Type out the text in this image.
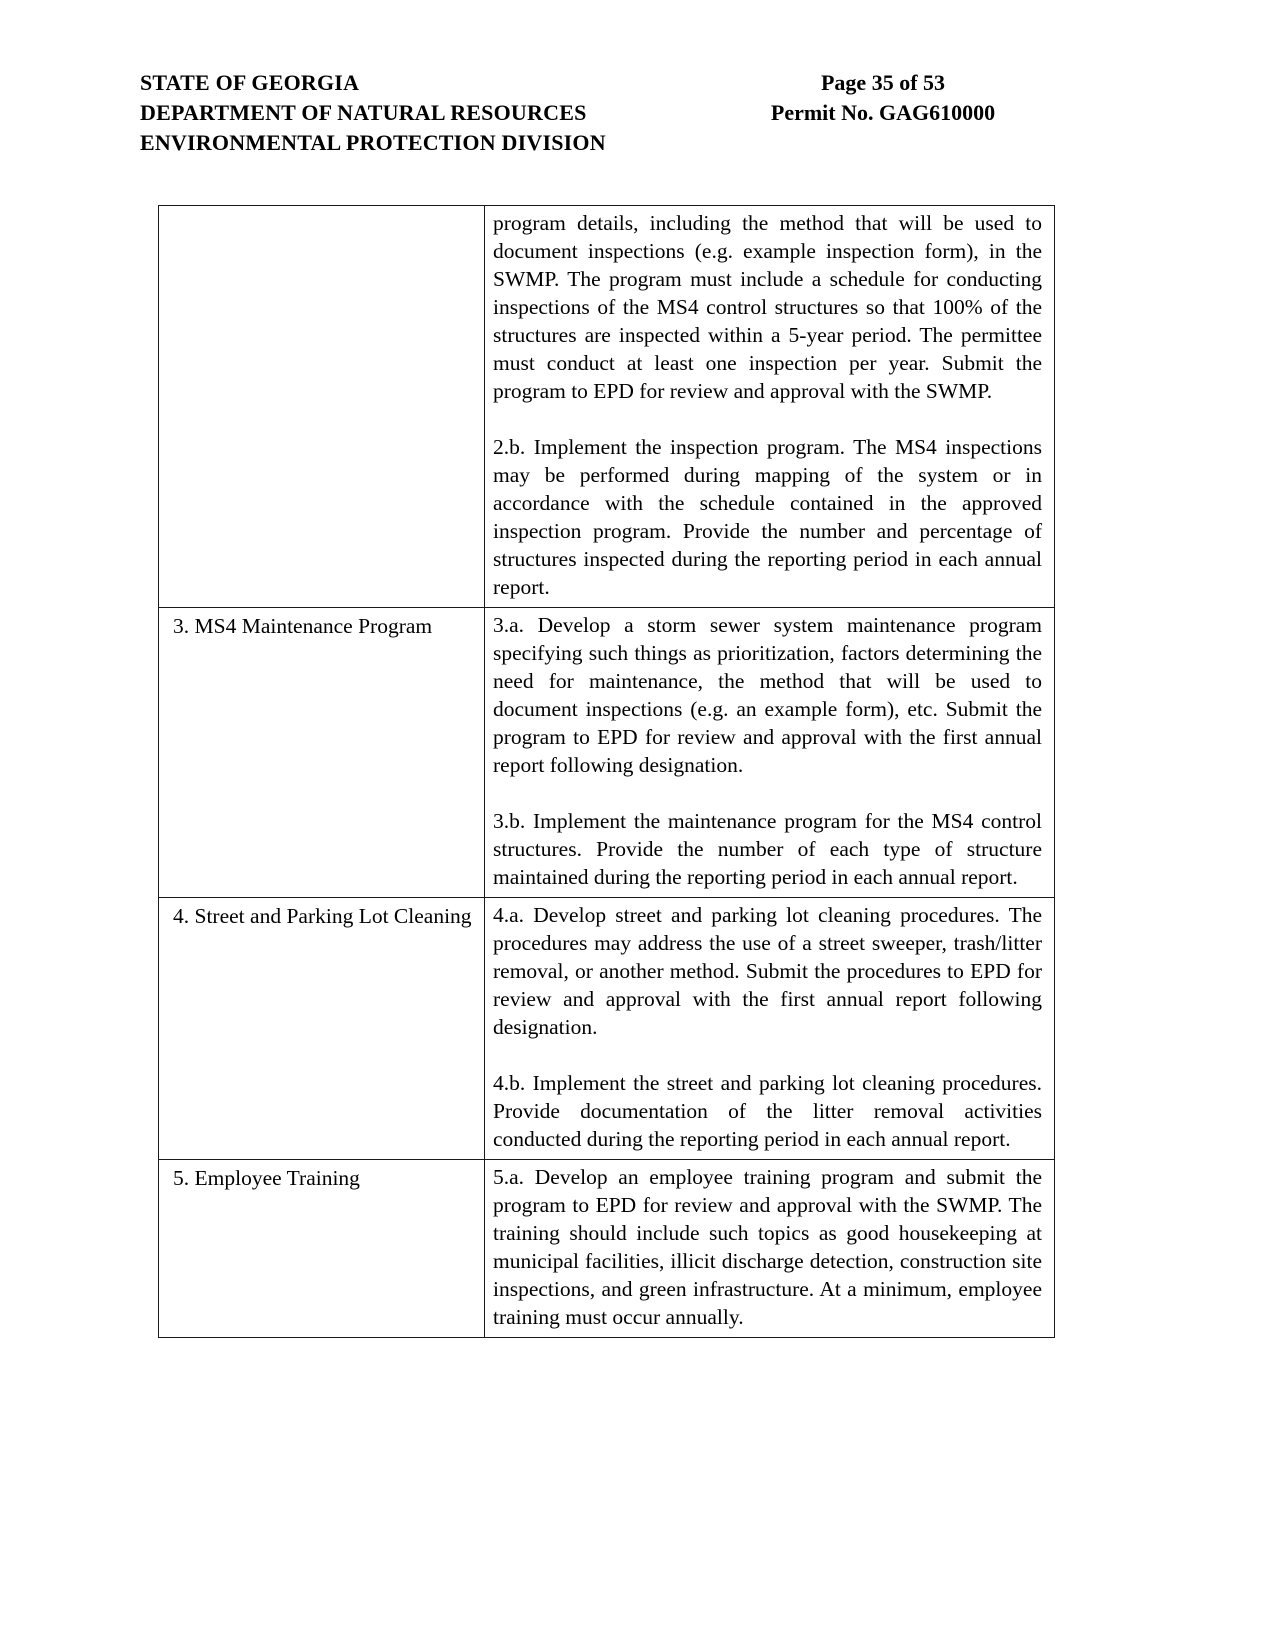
STATE OF GEORGIA
DEPARTMENT OF NATURAL RESOURCES
ENVIRONMENTAL PROTECTION DIVISION
Page 35 of 53
Permit No. GAG610000

	program details, including the method that will be used to document inspections (e.g. example inspection form), in the SWMP. The program must include a schedule for conducting inspections of the MS4 control structures so that 100% of the structures are inspected within a 5-year period. The permittee must conduct at least one inspection per year. Submit the program to EPD for review and approval with the SWMP.

2.b. Implement the inspection program. The MS4 inspections may be performed during mapping of the system or in accordance with the schedule contained in the approved inspection program. Provide the number and percentage of structures inspected during the reporting period in each annual report.

3. MS4 Maintenance Program	3.a. Develop a storm sewer system maintenance program specifying such things as prioritization, factors determining the need for maintenance, the method that will be used to document inspections (e.g. an example form), etc. Submit the program to EPD for review and approval with the first annual report following designation.

3.b. Implement the maintenance program for the MS4 control structures. Provide the number of each type of structure maintained during the reporting period in each annual report.

4. Street and Parking Lot Cleaning	4.a. Develop street and parking lot cleaning procedures. The procedures may address the use of a street sweeper, trash/litter removal, or another method. Submit the procedures to EPD for review and approval with the first annual report following designation.

4.b. Implement the street and parking lot cleaning procedures. Provide documentation of the litter removal activities conducted during the reporting period in each annual report.

5. Employee Training	5.a. Develop an employee training program and submit the program to EPD for review and approval with the SWMP. The training should include such topics as good housekeeping at municipal facilities, illicit discharge detection, construction site inspections, and green infrastructure. At a minimum, employee training must occur annually.
